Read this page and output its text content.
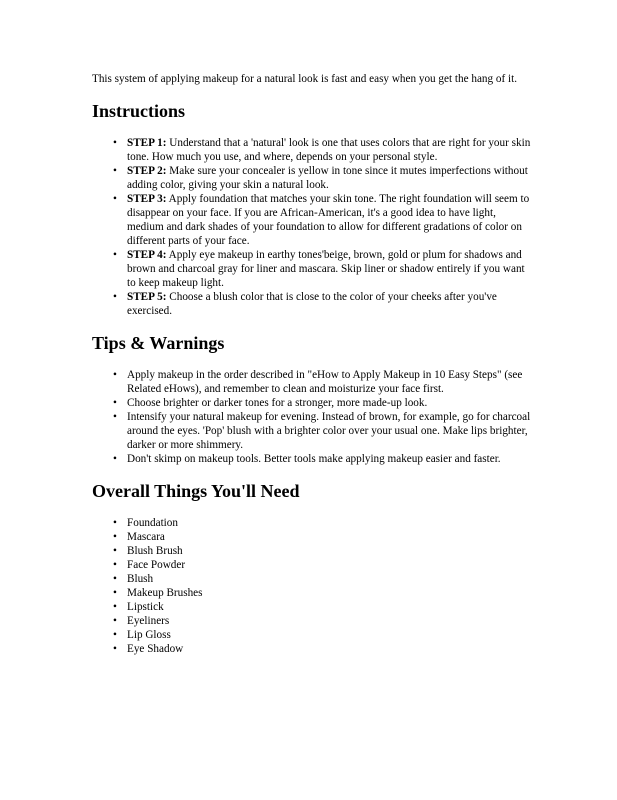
This system of applying makeup for a natural look is fast and easy when you get the hang of it.

Instructions
• STEP 1: Understand that a 'natural' look is one that uses colors that are right for your skin tone. How much you use, and where, depends on your personal style.
• STEP 2: Make sure your concealer is yellow in tone since it mutes imperfections without adding color, giving your skin a natural look.
• STEP 3: Apply foundation that matches your skin tone. The right foundation will seem to disappear on your face. If you are African-American, it's a good idea to have light, medium and dark shades of your foundation to allow for different gradations of color on different parts of your face.
• STEP 4: Apply eye makeup in earthy tones'beige, brown, gold or plum for shadows and brown and charcoal gray for liner and mascara. Skip liner or shadow entirely if you want to keep makeup light.
• STEP 5: Choose a blush color that is close to the color of your cheeks after you've exercised.
Tips & Warnings
• Apply makeup in the order described in "eHow to Apply Makeup in 10 Easy Steps" (see Related eHows), and remember to clean and moisturize your face first.
• Choose brighter or darker tones for a stronger, more made-up look.
• Intensify your natural makeup for evening. Instead of brown, for example, go for charcoal around the eyes. 'Pop' blush with a brighter color over your usual one. Make lips brighter, darker or more shimmery.
• Don't skimp on makeup tools. Better tools make applying makeup easier and faster.
Overall Things You'll Need
• Foundation
• Mascara
• Blush Brush
• Face Powder
• Blush
• Makeup Brushes
• Lipstick
• Eyeliners
• Lip Gloss
• Eye Shadow
